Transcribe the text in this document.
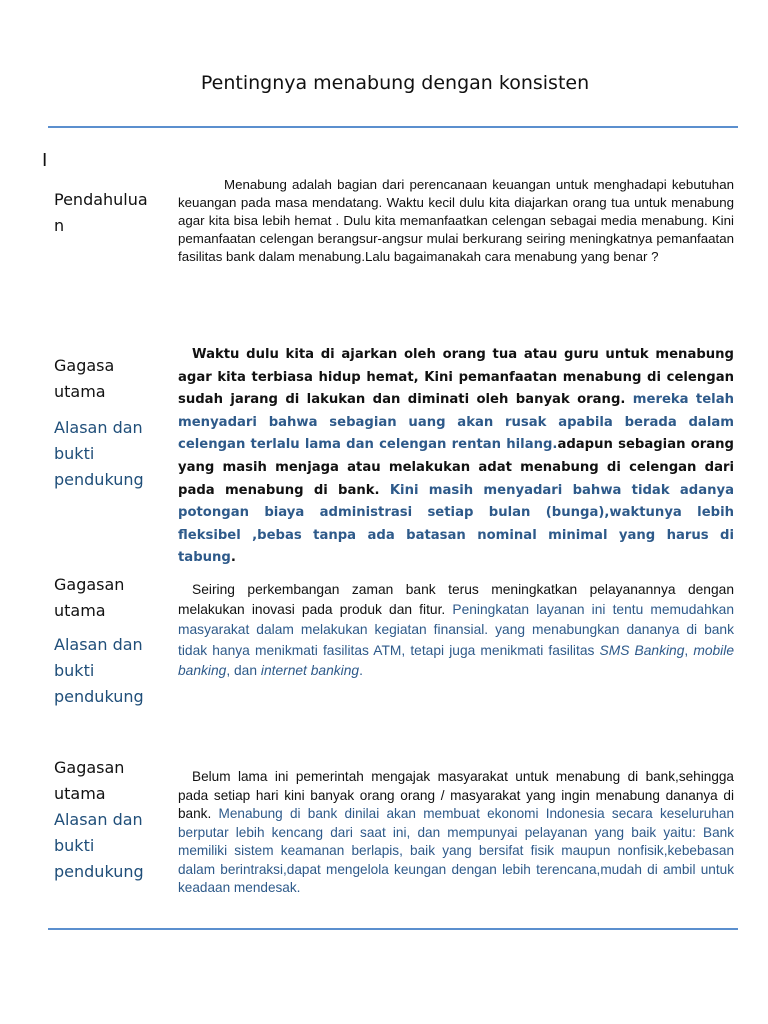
Pentingnya menabung dengan konsisten
I
Pendahulua
n
Menabung adalah bagian dari perencanaan keuangan untuk menghadapi kebutuhan keuangan pada masa mendatang. Waktu kecil dulu kita diajarkan orang tua untuk menabung agar kita bisa lebih hemat . Dulu kita memanfaatkan celengan sebagai media menabung. Kini pemanfaatan celengan berangsur-angsur mulai berkurang seiring meningkatnya pemanfaatan fasilitas bank dalam menabung.Lalu bagaimanakah cara menabung yang benar ?
Gagasa
utama
Alasan dan
bukti
pendukung
Waktu dulu kita di ajarkan oleh orang tua atau guru untuk menabung agar kita terbiasa hidup hemat, Kini pemanfaatan menabung di celengan sudah jarang di lakukan dan diminati oleh banyak orang. mereka telah menyadari bahwa sebagian uang akan rusak apabila berada dalam celengan terlalu lama dan celengan rentan hilang.adapun sebagian orang yang masih menjaga atau melakukan adat menabung di celengan dari pada menabung di bank. Kini masih menyadari bahwa tidak adanya potongan biaya administrasi setiap bulan (bunga),waktunya lebih fleksibel ,bebas tanpa ada batasan nominal minimal yang harus di tabung.
Gagasan
utama
Alasan dan
bukti
pendukung
Seiring perkembangan zaman bank terus meningkatkan pelayanannya dengan melakukan inovasi pada produk dan fitur. Peningkatan layanan ini tentu memudahkan masyarakat dalam melakukan kegiatan finansial. yang menabungkan dananya di bank tidak hanya menikmati fasilitas ATM, tetapi juga menikmati fasilitas SMS Banking, mobile banking, dan internet banking.
Gagasan
utama
Alasan dan
bukti
pendukung
Belum lama ini pemerintah mengajak masyarakat untuk menabung di bank,sehingga pada setiap hari kini banyak orang orang / masyarakat yang ingin menabung dananya di bank. Menabung di bank dinilai akan membuat ekonomi Indonesia secara keseluruhan berputar lebih kencang dari saat ini, dan mempunyai pelayanan yang baik yaitu: Bank memiliki sistem keamanan berlapis, baik yang bersifat fisik maupun nonfisik,kebebasan dalam berintraksi,dapat mengelola keungan dengan lebih terencana,mudah di ambil untuk keadaan mendesak.
